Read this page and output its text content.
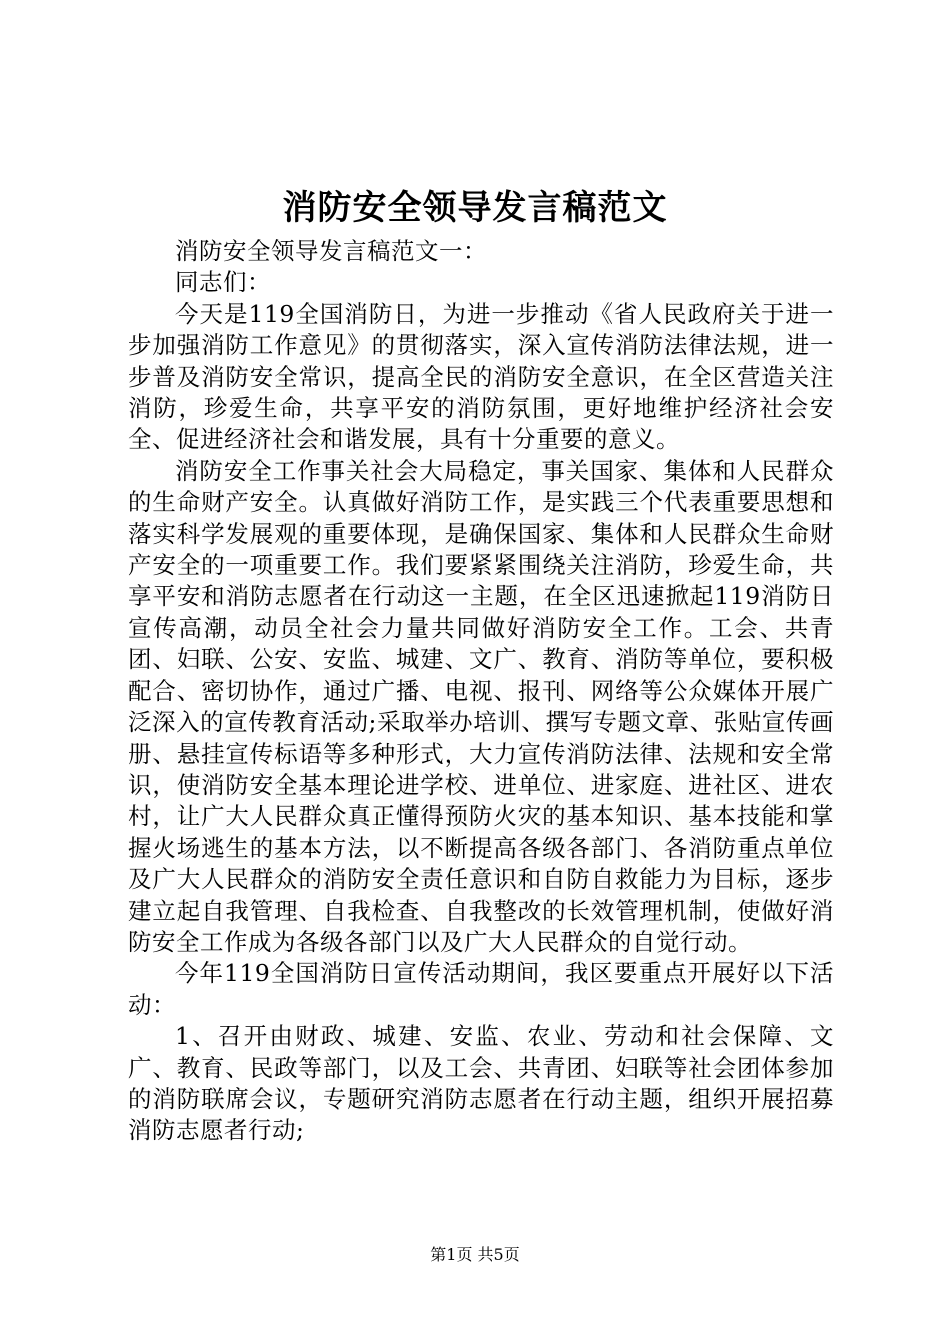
消防安全领导发言稿范文

消防安全领导发言稿范文一：

同志们：

今天是119全国消防日，为进一步推动《省人民政府关于进一步加强消防工作意见》的贯彻落实，深入宣传消防法律法规，进一步普及消防安全常识，提高全民的消防安全意识，在全区营造关注消防，珍爱生命，共享平安的消防氛围，更好地维护经济社会安全、促进经济社会和谐发展，具有十分重要的意义。

消防安全工作事关社会大局稳定，事关国家、集体和人民群众的生命财产安全。认真做好消防工作，是实践三个代表重要思想和落实科学发展观的重要体现，是确保国家、集体和人民群众生命财产安全的一项重要工作。我们要紧紧围绕关注消防，珍爱生命，共享平安和消防志愿者在行动这一主题，在全区迅速掀起119消防日宣传高潮，动员全社会力量共同做好消防安全工作。工会、共青团、妇联、公安、安监、城建、文广、教育、消防等单位，要积极配合、密切协作，通过广播、电视、报刊、网络等公众媒体开展广泛深入的宣传教育活动;采取举办培训、撰写专题文章、张贴宣传画册、悬挂宣传标语等多种形式，大力宣传消防法律、法规和安全常识，使消防安全基本理论进学校、进单位、进家庭、进社区、进农村，让广大人民群众真正懂得预防火灾的基本知识、基本技能和掌握火场逃生的基本方法，以不断提高各级各部门、各消防重点单位及广大人民群众的消防安全责任意识和自防自救能力为目标，逐步建立起自我管理、自我检查、自我整改的长效管理机制，使做好消防安全工作成为各级各部门以及广大人民群众的自觉行动。

今年119全国消防日宣传活动期间，我区要重点开展好以下活动：

1、召开由财政、城建、安监、农业、劳动和社会保障、文广、教育、民政等部门，以及工会、共青团、妇联等社会团体参加的消防联席会议，专题研究消防志愿者在行动主题，组织开展招募消防志愿者行动;

第1页 共5页
